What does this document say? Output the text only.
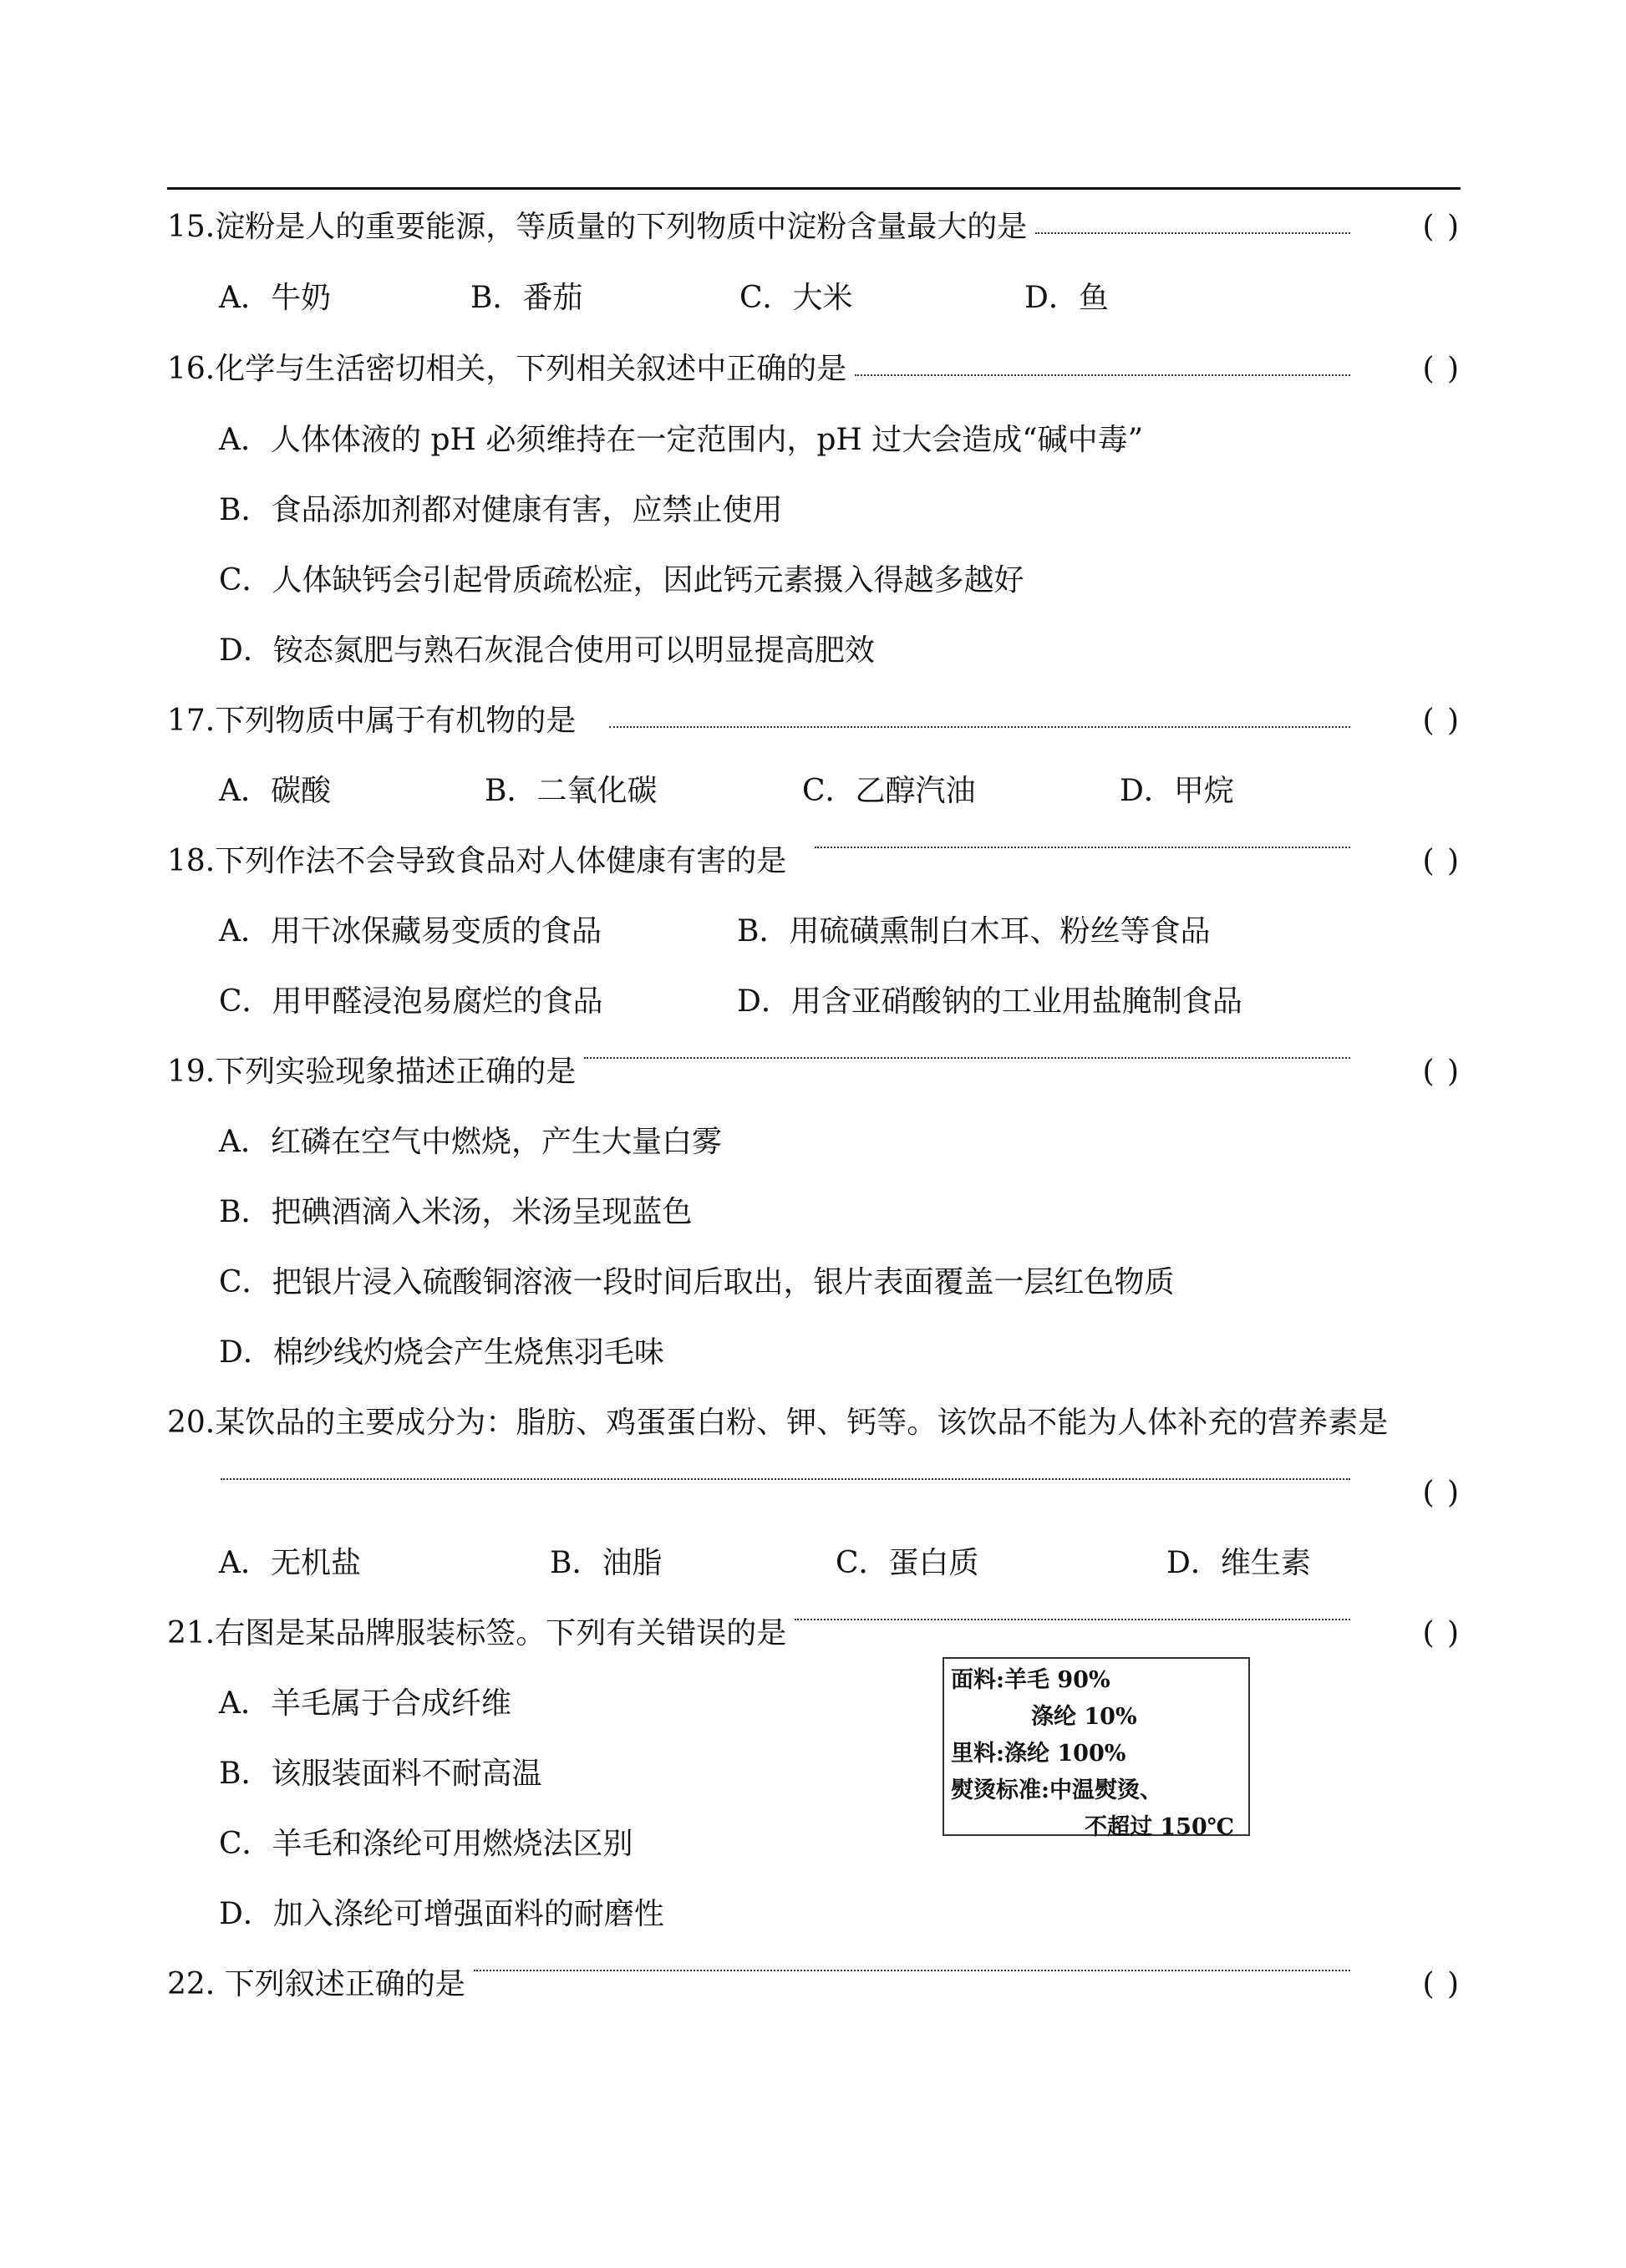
15.淀粉是人的重要能源，等质量的下列物质中淀粉含量最大的是	( )
A．牛奶	B．番茄	C．大米	D．鱼
16.化学与生活密切相关，下列相关叙述中正确的是	( )
A．人体体液的 pH 必须维持在一定范围内，pH 过大会造成“碱中毒”
B．食品添加剂都对健康有害，应禁止使用
C．人体缺钙会引起骨质疏松症，因此钙元素摄入得越多越好
D．铵态氮肥与熟石灰混合使用可以明显提高肥效
17.下列物质中属于有机物的是	( )
A．碳酸	B．二氧化碳	C．乙醇汽油	D．甲烷
18.下列作法不会导致食品对人体健康有害的是	( )
A．用干冰保藏易变质的食品	B．用硫磺熏制白木耳、粉丝等食品
C．用甲醛浸泡易腐烂的食品	D．用含亚硝酸钠的工业用盐腌制食品
19.下列实验现象描述正确的是	( )
A．红磷在空气中燃烧，产生大量白雾
B．把碘酒滴入米汤，米汤呈现蓝色
C．把银片浸入硫酸铜溶液一段时间后取出，银片表面覆盖一层红色物质
D．棉纱线灼烧会产生烧焦羽毛味
20.某饮品的主要成分为：脂肪、鸡蛋蛋白粉、钾、钙等。该饮品不能为人体补充的营养素是
( )
A．无机盐	B．油脂	C．蛋白质	D．维生素
21.右图是某品牌服装标签。下列有关错误的是	( )
A．羊毛属于合成纤维
B．该服装面料不耐高温
C．羊毛和涤纶可用燃烧法区别
D．加入涤纶可增强面料的耐磨性
面料:羊毛 90%
涤纶 10%
里料:涤纶 100%
熨烫标准:中温熨烫、
不超过 150℃
22. 下列叙述正确的是	( )
